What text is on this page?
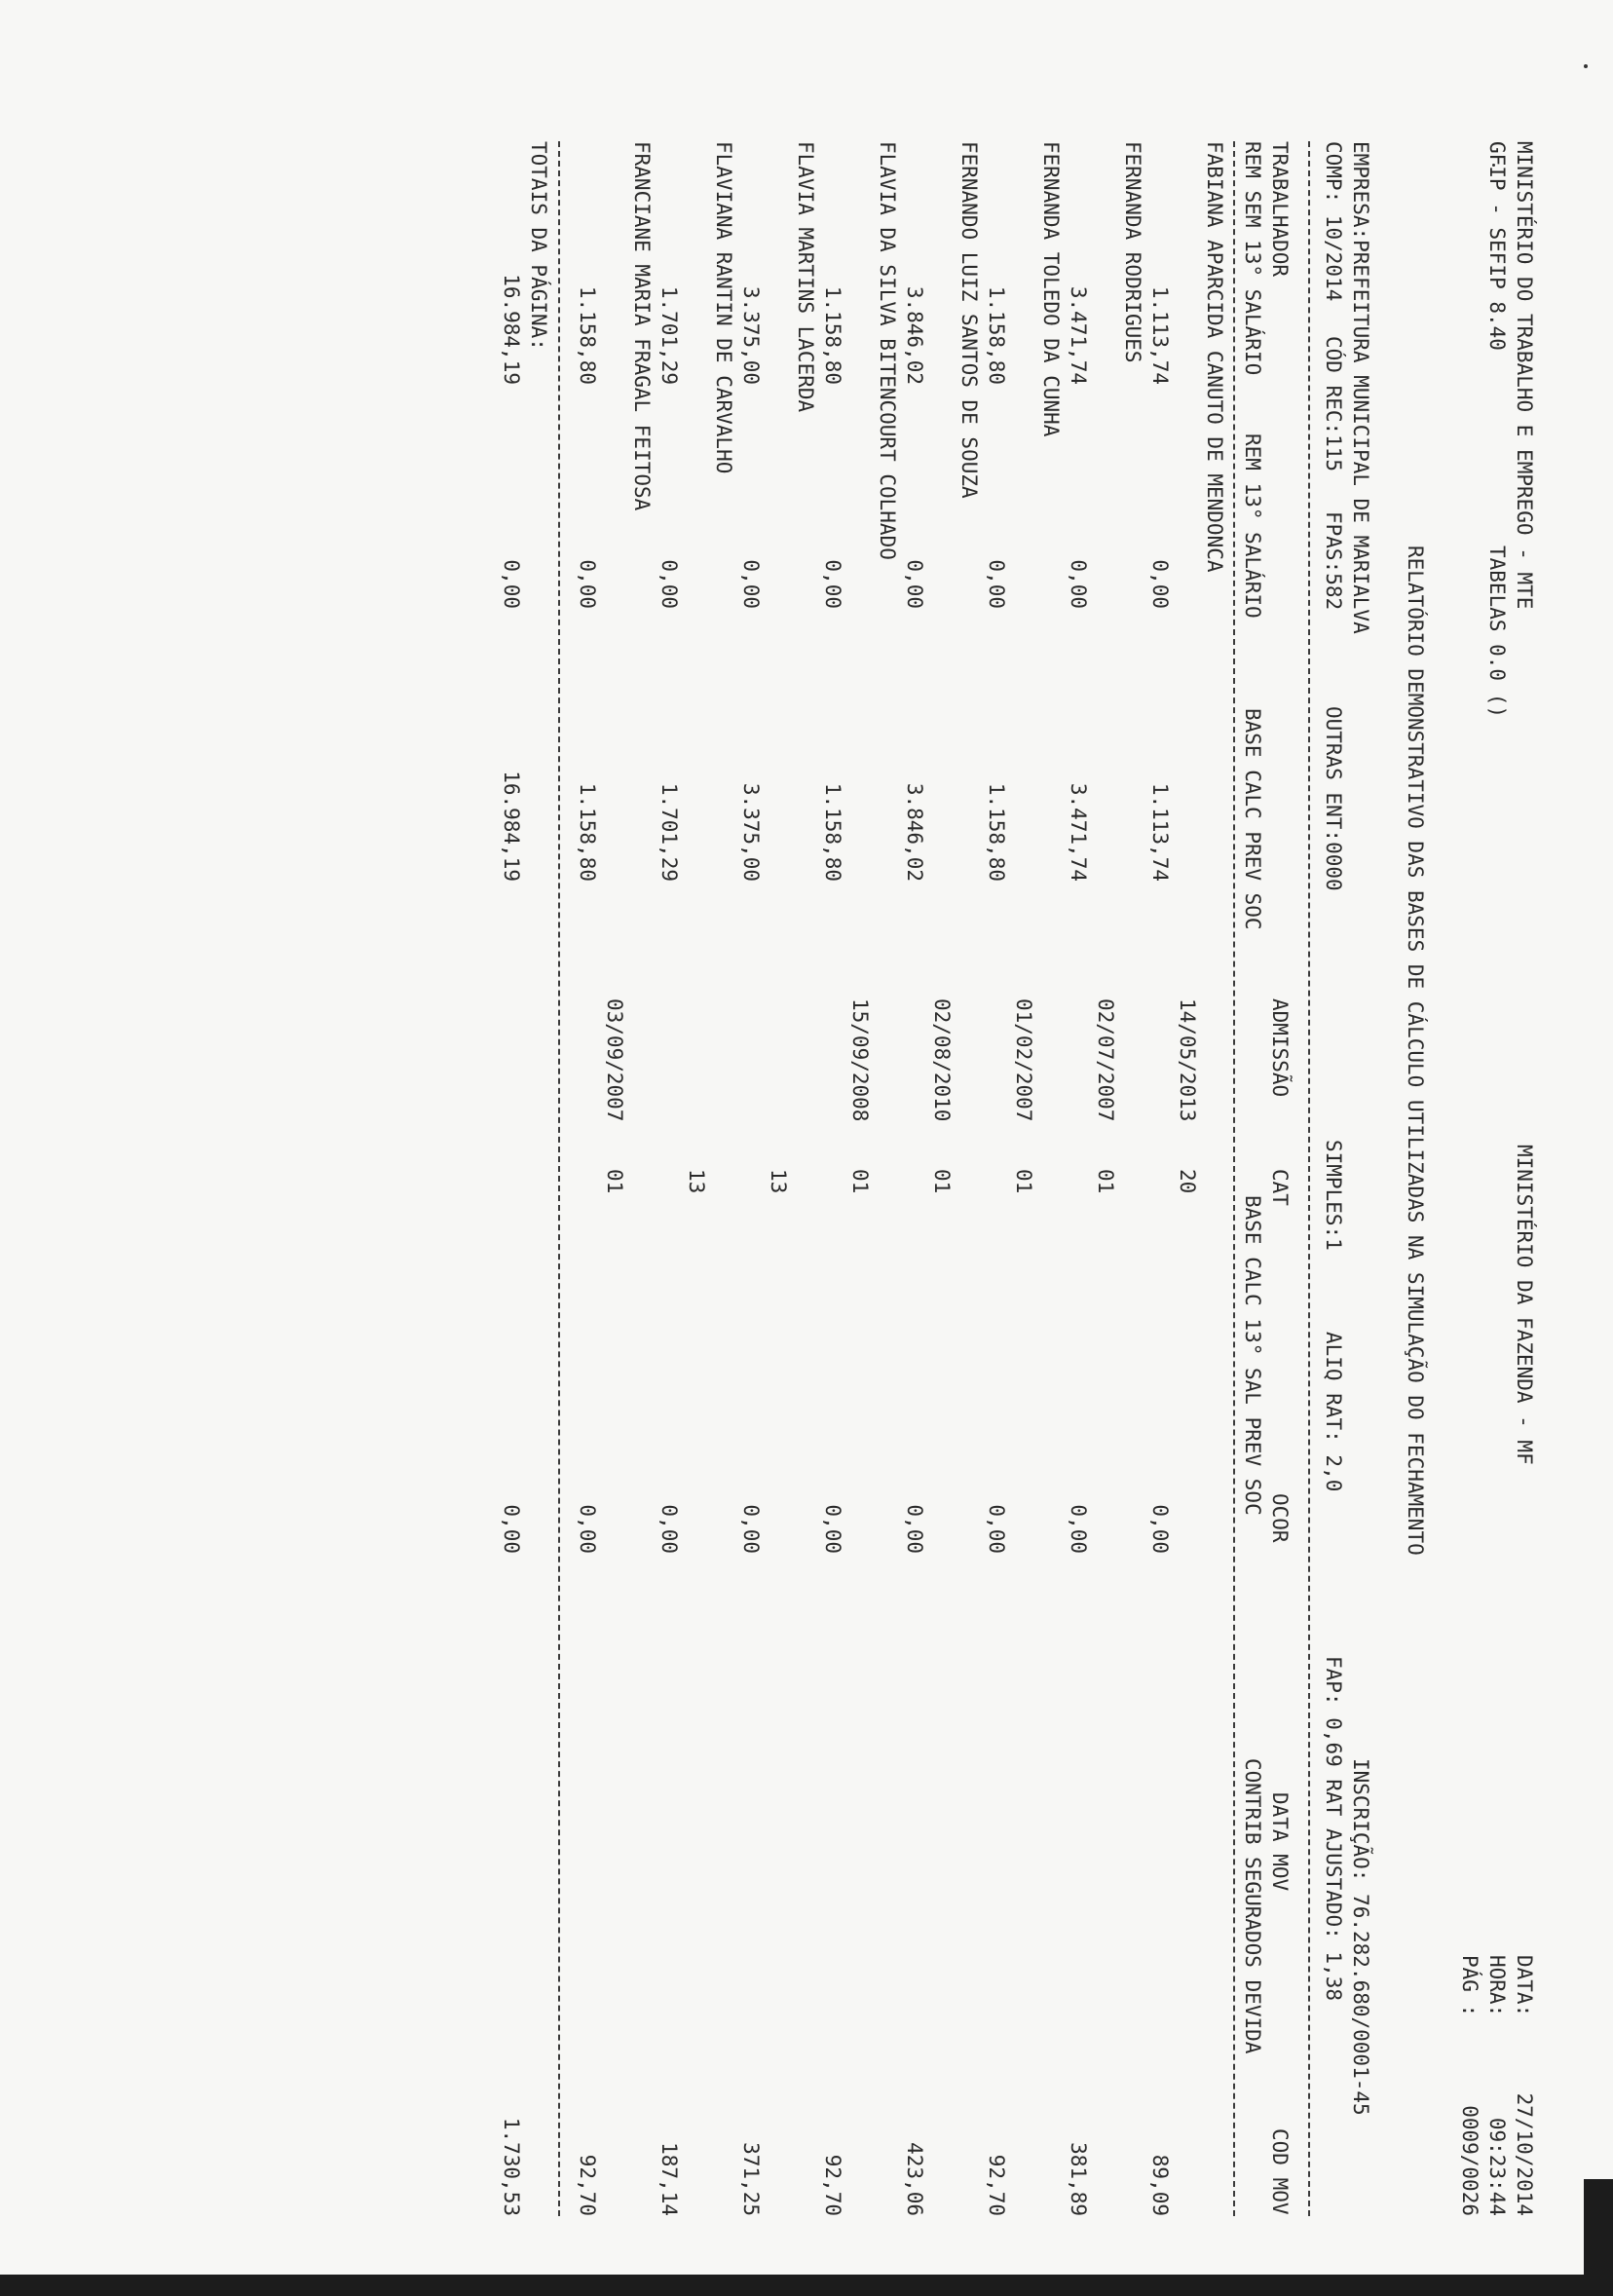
MINISTÉRIO DO TRABALHO E EMPREGO - MTE
MINISTÉRIO DA FAZENDA - MF
DATA:
27/10/2014
GFIP - SEFIP 8.40
TABELAS 0.0 ()
HORA:
09:23:44
PÁG :
0009/0026
RELATÓRIO DEMONSTRATIVO DAS BASES DE CÁLCULO UTILIZADAS NA SIMULAÇÃO DO FECHAMENTO
EMPRESA:PREFEITURA MUNICIPAL DE MARIALVA
INSCRIÇÃO: 76.282.680/0001-45
COMP: 10/2014
CÓD REC:115
FPAS:582
OUTRAS ENT:0000
SIMPLES:1
ALIQ RAT: 2,0
FAP: 0,69 RAT AJUSTADO: 1,38
TRABALHADOR
ADMISSÃO
CAT
OCOR
DATA MOV
COD MOV
REM SEM 13° SALÁRIO
REM 13° SALÁRIO
BASE CALC PREV SOC
BASE CALC 13° SAL PREV SOC
CONTRIB SEGURADOS DEVIDA
FABIANA APARCIDA CANUTO DE MENDONCA
14/05/2013
20
1.113,74
0,00
1.113,74
0,00
89,09
FERNANDA RODRIGUES
02/07/2007
01
3.471,74
0,00
3.471,74
0,00
381,89
FERNANDA TOLEDO DA CUNHA
01/02/2007
01
1.158,80
0,00
1.158,80
0,00
92,70
FERNANDO LUIZ SANTOS DE SOUZA
02/08/2010
01
3.846,02
0,00
3.846,02
0,00
423,06
FLAVIA DA SILVA BITENCOURT COLHADO
15/09/2008
01
1.158,80
0,00
1.158,80
0,00
92,70
FLAVIA MARTINS LACERDA
13
3.375,00
0,00
3.375,00
0,00
371,25
FLAVIANA RANTIN DE CARVALHO
13
1.701,29
0,00
1.701,29
0,00
187,14
FRANCIANE MARIA FRAGAL FEITOSA
03/09/2007
01
1.158,80
0,00
1.158,80
0,00
92,70
TOTAIS DA PÁGINA:
16.984,19
0,00
16.984,19
0,00
1.730,53
